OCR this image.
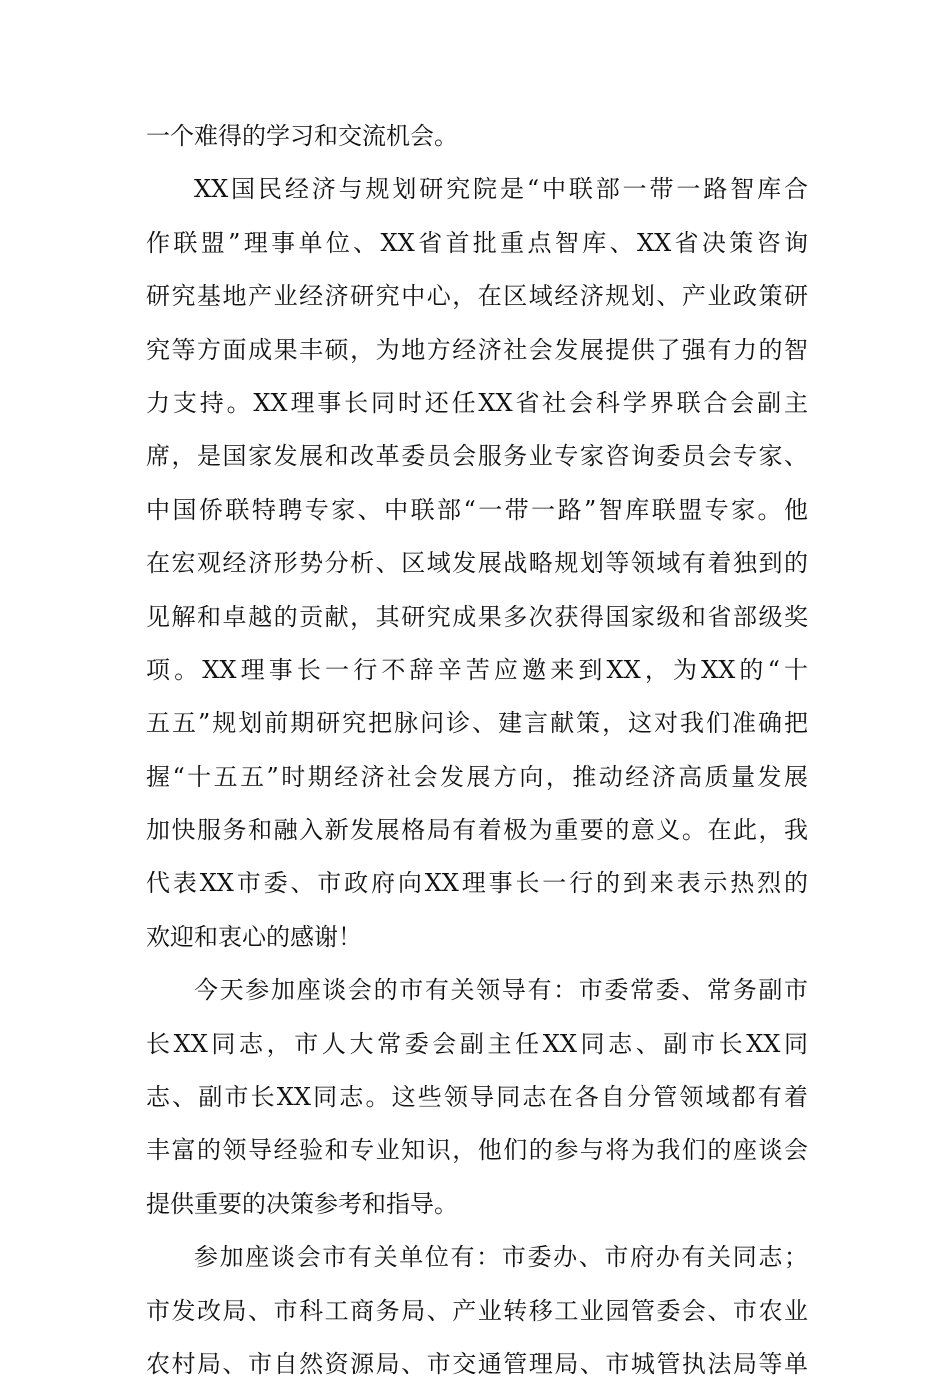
一个难得的学习和交流机会。
XX国民经济与规划研究院是“中联部一带一路智库合
作联盟”理事单位、XX省首批重点智库、XX省决策咨询
研究基地产业经济研究中心，在区域经济规划、产业政策研
究等方面成果丰硕，为地方经济社会发展提供了强有力的智
力支持。XX理事长同时还任XX省社会科学界联合会副主
席，是国家发展和改革委员会服务业专家咨询委员会专家、
中国侨联特聘专家、中联部“一带一路”智库联盟专家。他
在宏观经济形势分析、区域发展战略规划等领域有着独到的
见解和卓越的贡献，其研究成果多次获得国家级和省部级奖
项。XX理事长一行不辞辛苦应邀来到XX，为XX的“十
五五”规划前期研究把脉问诊、建言献策，这对我们准确把
握“十五五”时期经济社会发展方向，推动经济高质量发展
加快服务和融入新发展格局有着极为重要的意义。在此，我
代表XX市委、市政府向XX理事长一行的到来表示热烈的
欢迎和衷心的感谢！
今天参加座谈会的市有关领导有：市委常委、常务副市
长XX同志，市人大常委会副主任XX同志、副市长XX同
志、副市长XX同志。这些领导同志在各自分管领域都有着
丰富的领导经验和专业知识，他们的参与将为我们的座谈会
提供重要的决策参考和指导。
参加座谈会市有关单位有：市委办、市府办有关同志；
市发改局、市科工商务局、产业转移工业园管委会、市农业
农村局、市自然资源局、市交通管理局、市城管执法局等单
